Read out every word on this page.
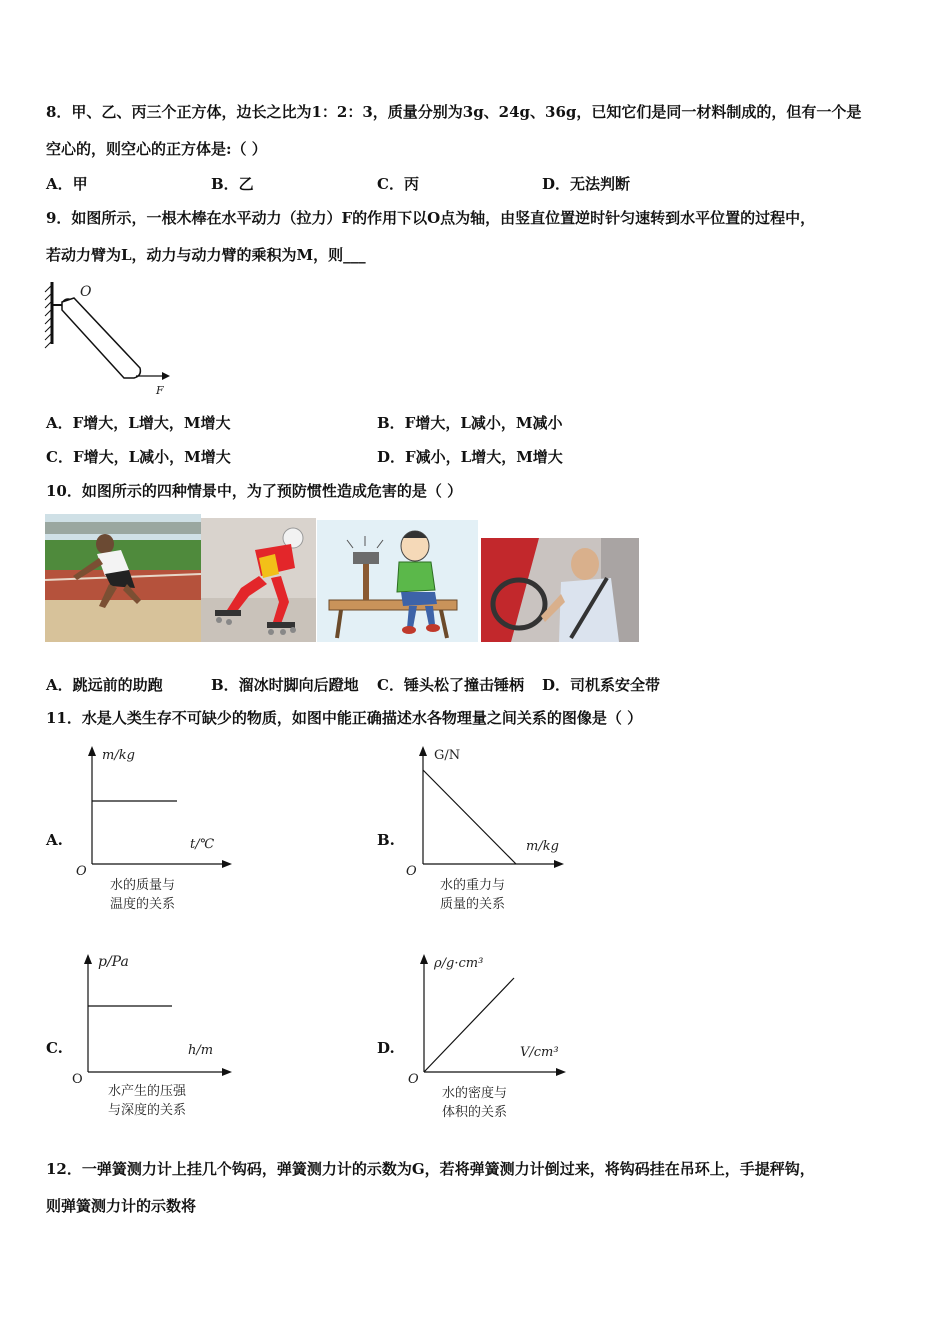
8．甲、乙、丙三个正方体，边长之比为1：2：3，质量分别为3g、24g、36g，已知它们是同一材料制成的，但有一个是
空心的，则空心的正方体是:（ ）
A．甲	B．乙	C．丙	D．无法判断
9．如图所示，一根木棒在水平动力（拉力）F的作用下以O点为轴，由竖直位置逆时针匀速转到水平位置的过程中，
若动力臂为L，动力与动力臂的乘积为M，则___
O
F
A．F增大，L增大，M增大	B．F增大，L减小，M减小
C．F增大，L减小，M增大	D．F减小，L增大，M增大
10．如图所示的四种情景中，为了预防惯性造成危害的是（ ）
A．跳远前的助跑	B．溜冰时脚向后蹬地 C．锤头松了撞击锤柄 D．司机系安全带
11．水是人类生存不可缺少的物质，如图中能正确描述水各物理量之间关系的图像是（ ）
A.
m/kg
t/℃
O
水的质量与
温度的关系
B.
G/N
m/kg
O
水的重力与
质量的关系
C.
p/Pa
h/m
O
水产生的压强
与深度的关系
D.
ρ/g·cm³
V/cm³
O
水的密度与
体积的关系
12．一弹簧测力计上挂几个钩码，弹簧测力计的示数为G，若将弹簧测力计倒过来，将钩码挂在吊环上，手提秤钩，
则弹簧测力计的示数将
